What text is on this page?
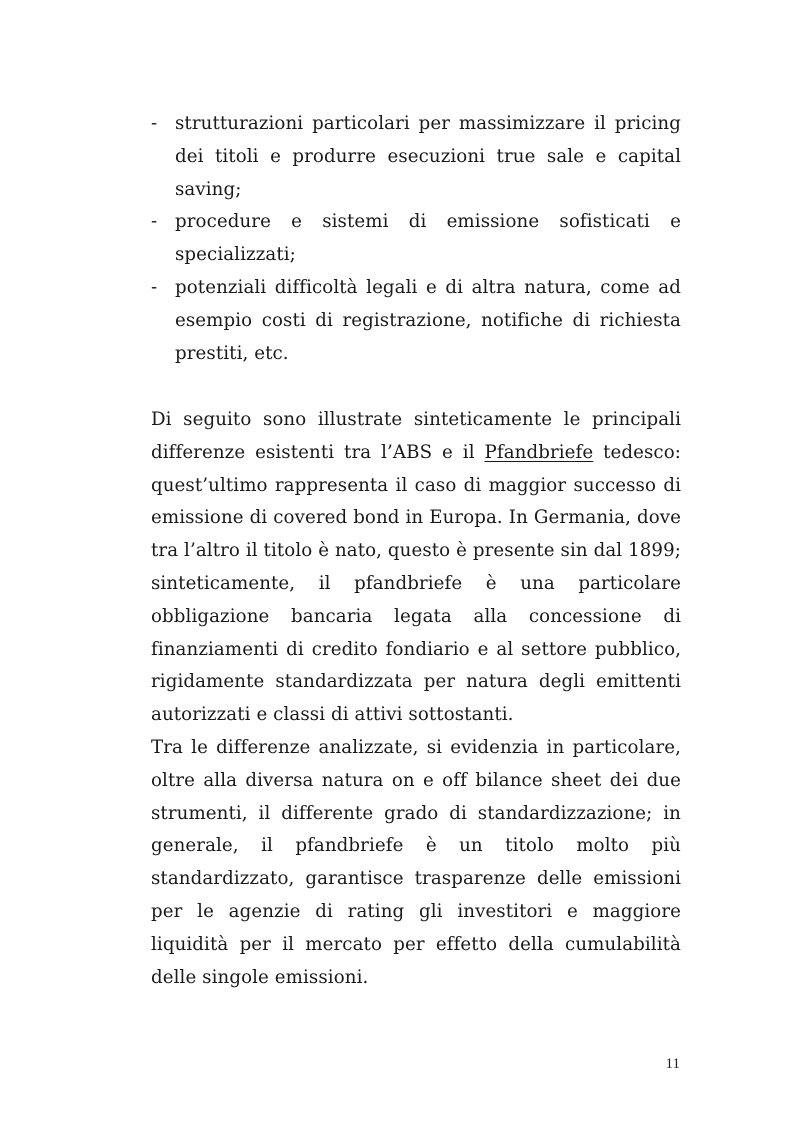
- strutturazioni particolari per massimizzare il pricing dei titoli e produrre esecuzioni true sale e capital saving;
- procedure e sistemi di emissione sofisticati e specializzati;
- potenziali difficoltà legali e di altra natura, come ad esempio costi di registrazione, notifiche di richiesta prestiti, etc.

Di seguito sono illustrate sinteticamente le principali differenze esistenti tra l’ABS e il Pfandbriefe tedesco: quest’ultimo rappresenta il caso di maggior successo di emissione di covered bond in Europa. In Germania, dove tra l’altro il titolo è nato, questo è presente sin dal 1899; sinteticamente, il pfandbriefe è una particolare obbligazione bancaria legata alla concessione di finanziamenti di credito fondiario e al settore pubblico, rigidamente standardizzata per natura degli emittenti autorizzati e classi di attivi sottostanti.

Tra le differenze analizzate, si evidenzia in particolare, oltre alla diversa natura on e off bilance sheet dei due strumenti, il differente grado di standardizzazione; in generale, il pfandbriefe è un titolo molto più standardizzato, garantisce trasparenze delle emissioni per le agenzie di rating gli investitori e maggiore liquidità per il mercato per effetto della cumulabilità delle singole emissioni.

11
